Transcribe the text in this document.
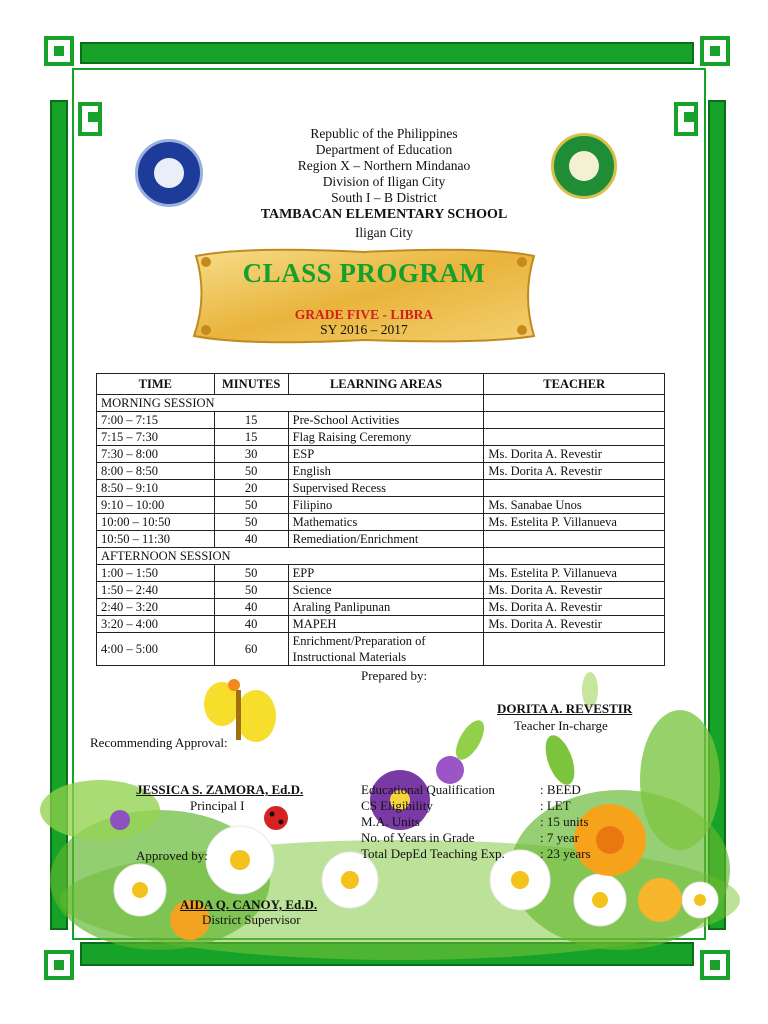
Republic of the Philippines
Department of Education
Region X – Northern Mindanao
Division of Iligan City
South I – B District
TAMBACAN ELEMENTARY SCHOOL
Iligan City
CLASS PROGRAM
GRADE FIVE - LIBRA
SY 2016 – 2017
TIME	MINUTES	LEARNING AREAS	TEACHER
MORNING SESSION			
7:00 – 7:15	15	Pre-School Activities	
7:15 – 7:30	15	Flag Raising Ceremony	
7:30 – 8:00	30	ESP	Ms. Dorita A. Revestir
8:00 – 8:50	50	English	Ms. Dorita A. Revestir
8:50 – 9:10	20	Supervised Recess	
9:10 – 10:00	50	Filipino	Ms. Sanabae Unos
10:00 – 10:50	50	Mathematics	Ms. Estelita P. Villanueva
10:50 – 11:30	40	Remediation/Enrichment	
AFTERNOON SESSION			
1:00 – 1:50	50	EPP	Ms. Estelita P. Villanueva
1:50 – 2:40	50	Science	Ms. Dorita A. Revestir
2:40 – 3:20	40	Araling Panlipunan	Ms. Dorita A. Revestir
3:20 – 4:00	40	MAPEH	Ms. Dorita A. Revestir
4:00 – 5:00	60	Enrichment/Preparation of Instructional Materials	
Prepared by:
DORITA A. REVESTIR
Teacher In-charge
Recommending Approval:
JESSICA S. ZAMORA, Ed.D.
Principal I
Approved by:
AIDA Q. CANOY, Ed.D.
District Supervisor
Educational Qualification	: BEED
CS Eligibility	: LET
M.A. Units	: 15 units
No. of Years in Grade	: 7 year
Total DepEd Teaching Exp.	: 23 years
